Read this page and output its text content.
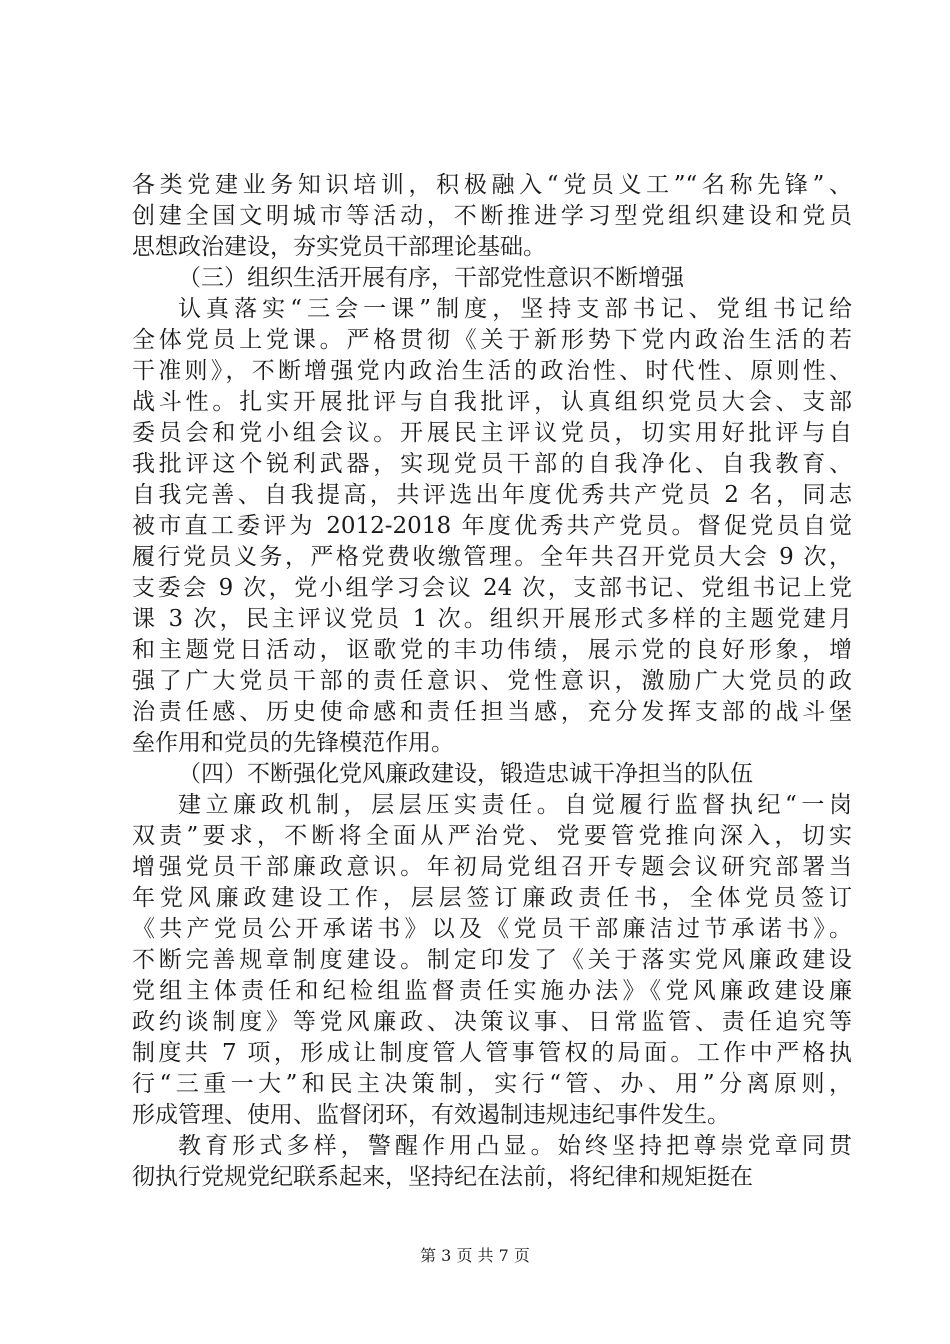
各类党建业务知识培训，积极融入“党员义工”“名称先锋”、
创建全国文明城市等活动，不断推进学习型党组织建设和党员
思想政治建设，夯实党员干部理论基础。
（三）组织生活开展有序，干部党性意识不断增强
认真落实“三会一课”制度，坚持支部书记、党组书记给
全体党员上党课。严格贯彻《关于新形势下党内政治生活的若
干准则》，不断增强党内政治生活的政治性、时代性、原则性、
战斗性。扎实开展批评与自我批评，认真组织党员大会、支部
委员会和党小组会议。开展民主评议党员，切实用好批评与自
我批评这个锐利武器，实现党员干部的自我净化、自我教育、
自我完善、自我提高，共评选出年度优秀共产党员 2 名，同志
被市直工委评为 2012-2018 年度优秀共产党员。督促党员自觉
履行党员义务，严格党费收缴管理。全年共召开党员大会 9 次，
支委会 9 次，党小组学习会议 24 次，支部书记、党组书记上党
课 3 次，民主评议党员 1 次。组织开展形式多样的主题党建月
和主题党日活动，讴歌党的丰功伟绩，展示党的良好形象，增
强了广大党员干部的责任意识、党性意识，激励广大党员的政
治责任感、历史使命感和责任担当感，充分发挥支部的战斗堡
垒作用和党员的先锋模范作用。
（四）不断强化党风廉政建设，锻造忠诚干净担当的队伍
建立廉政机制，层层压实责任。自觉履行监督执纪“一岗
双责”要求，不断将全面从严治党、党要管党推向深入，切实
增强党员干部廉政意识。年初局党组召开专题会议研究部署当
年党风廉政建设工作，层层签订廉政责任书，全体党员签订
《共产党员公开承诺书》以及《党员干部廉洁过节承诺书》。
不断完善规章制度建设。制定印发了《关于落实党风廉政建设
党组主体责任和纪检组监督责任实施办法》《党风廉政建设廉
政约谈制度》等党风廉政、决策议事、日常监管、责任追究等
制度共 7 项，形成让制度管人管事管权的局面。工作中严格执
行“三重一大”和民主决策制，实行“管、办、用”分离原则，
形成管理、使用、监督闭环，有效遏制违规违纪事件发生。
教育形式多样，警醒作用凸显。始终坚持把尊崇党章同贯
彻执行党规党纪联系起来，坚持纪在法前，将纪律和规矩挺在
第 3 页 共 7 页
